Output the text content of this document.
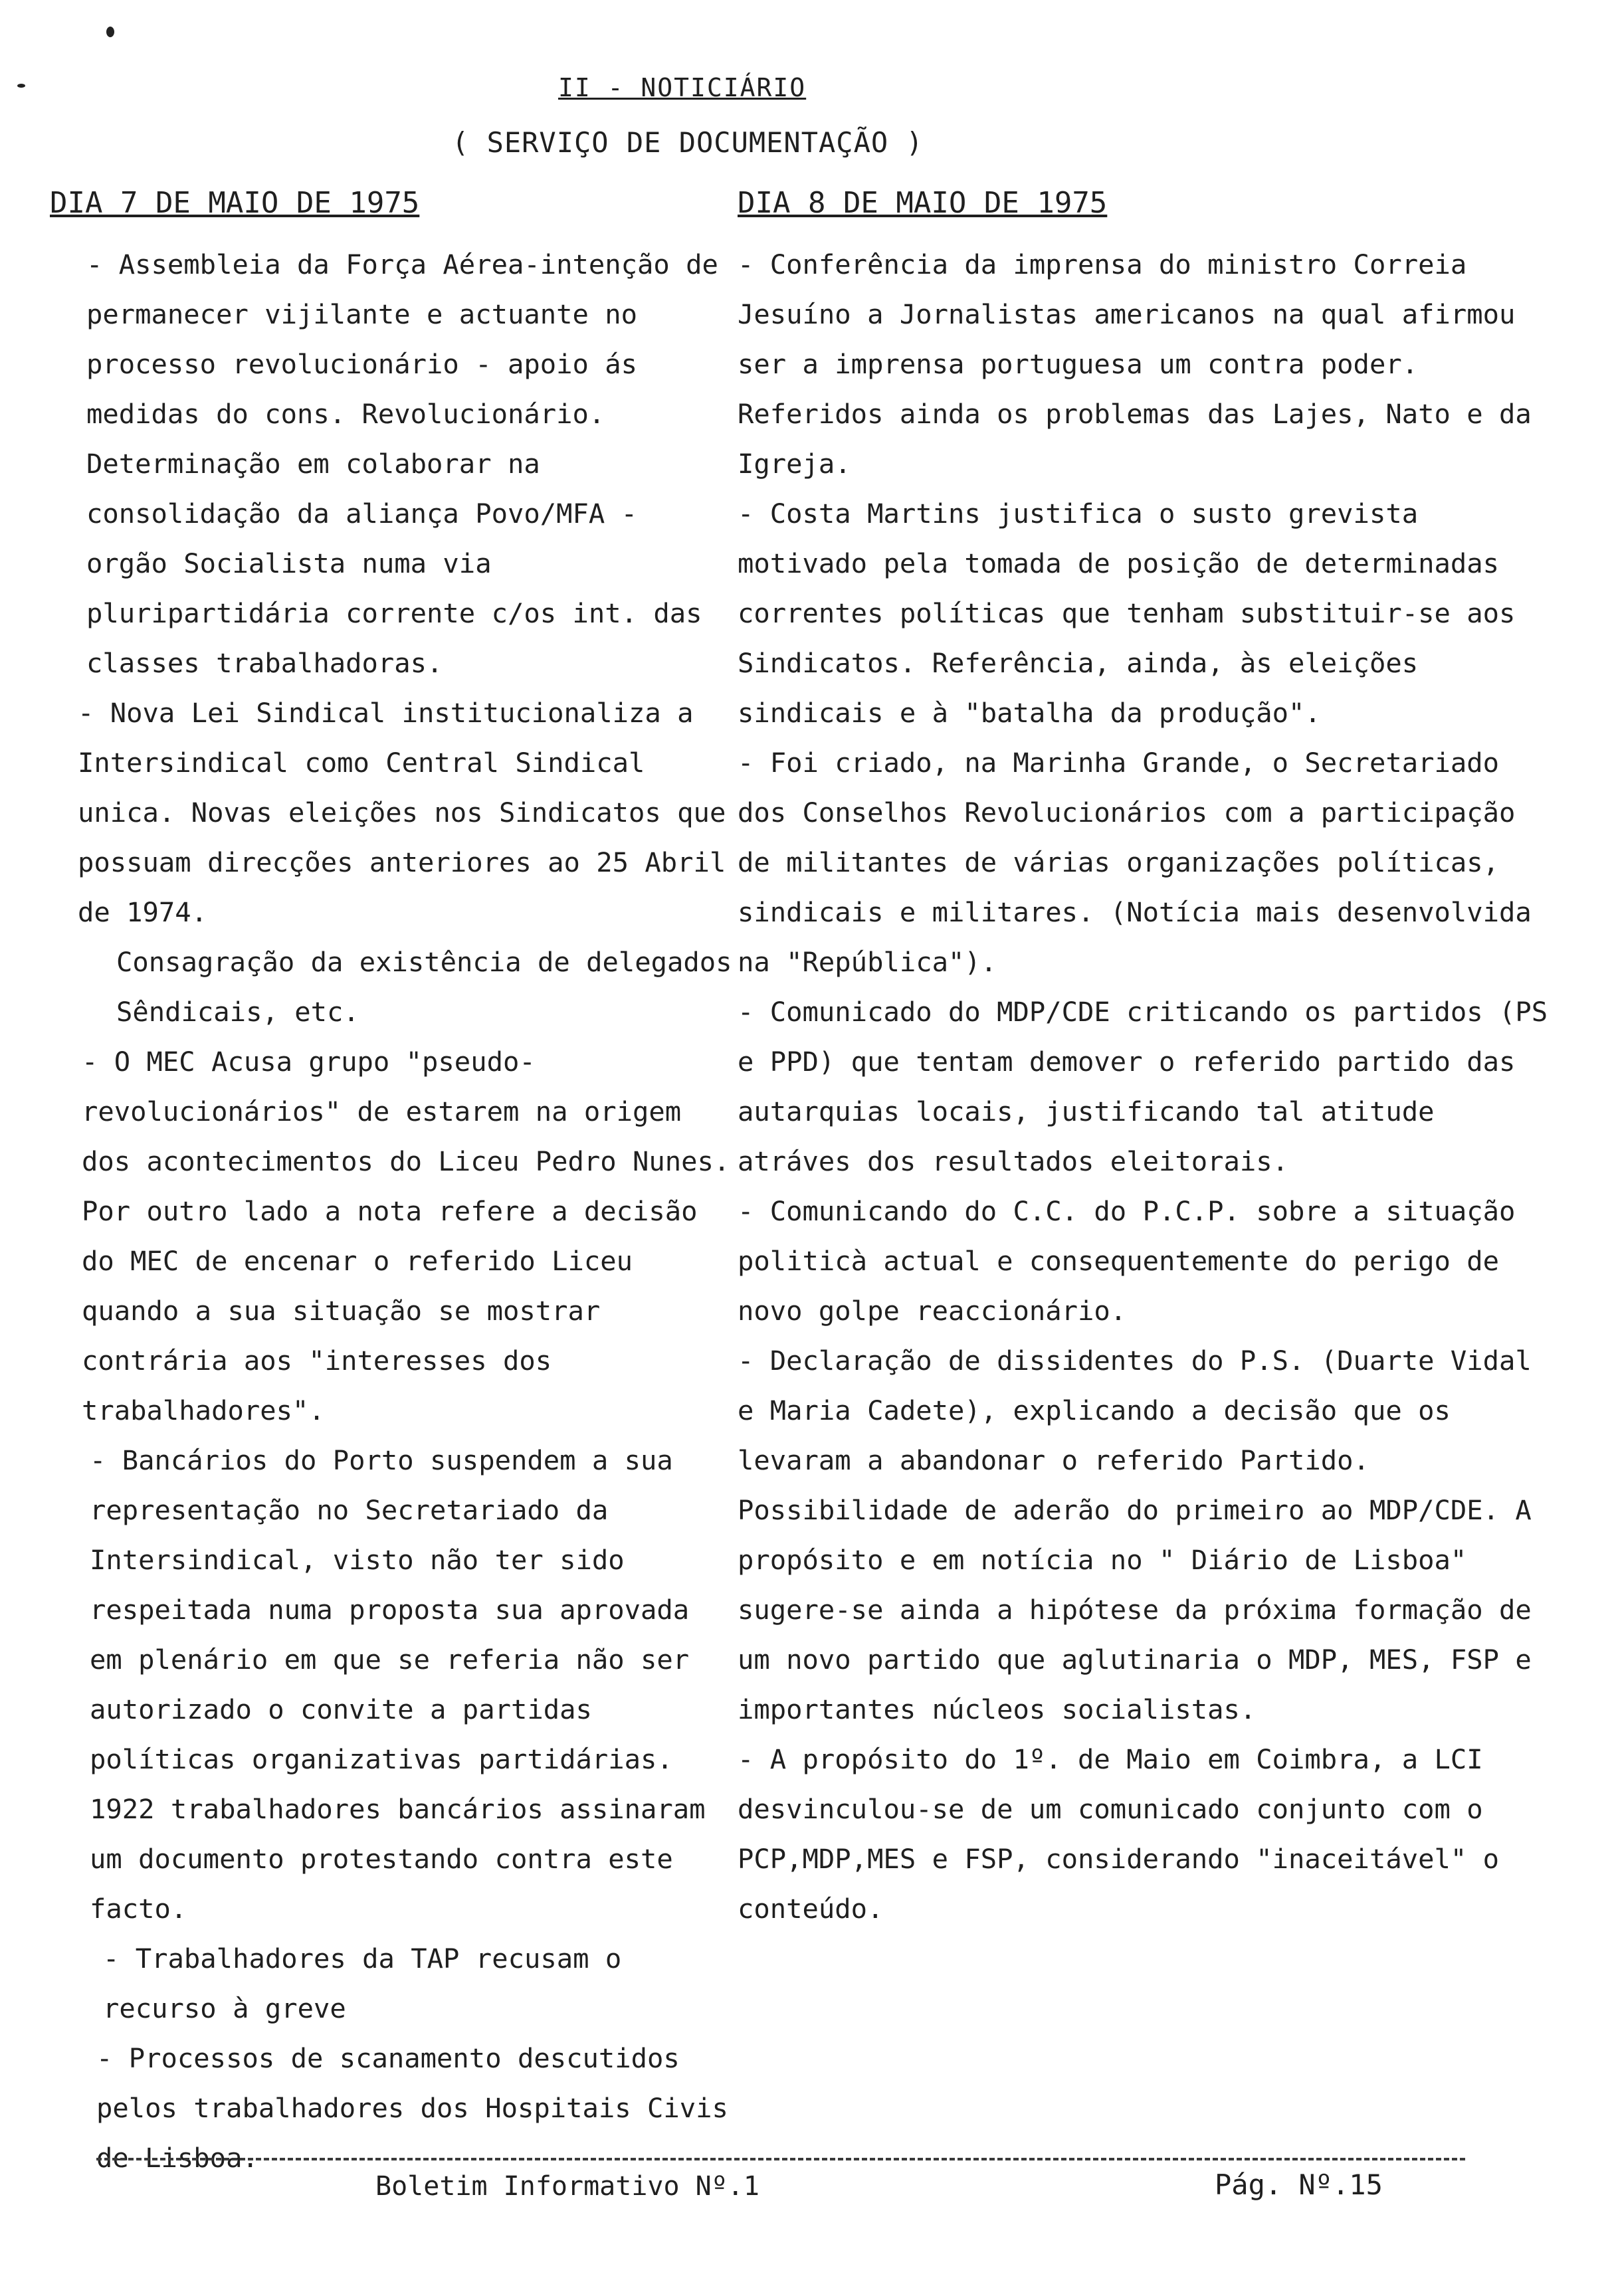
II - NOTICIÁRIO
( SERVIÇO DE DOCUMENTAÇÃO )
DIA 7 DE MAIO DE 1975

- Assembleia da Força Aérea-intenção de permanecer vijilante e actuante no processo revolucionário - apoio ás medidas do cons. Revolucionário. Determinação em colaborar na consolidação da aliança Povo/MFA - orgão Socialista numa via pluripartidária corrente c/os int. das classes trabalhadoras.

- Nova Lei Sindical institucionaliza a Intersindical como Central Sindical unica. Novas eleições nos Sindicatos que possuam direcções anteriores ao 25 Abril de 1974.

Consagração da existência de delegados Sêndicais, etc.

- O MEC Acusa grupo "pseudo-revolucionários" de estarem na origem dos acontecimentos do Liceu Pedro Nunes. Por outro lado a nota refere a decisão do MEC de encenar o referido Liceu quando a sua situação se mostrar contrária aos "interesses dos trabalhadores".

- Bancários do Porto suspendem a sua representação no Secretariado da Intersindical, visto não ter sido respeitada numa proposta sua aprovada em plenário em que se referia não ser autorizado o convite a partidas políticas organizativas partidárias. 1922 trabalhadores bancários assinaram um documento protestando contra este facto.

- Trabalhadores da TAP recusam o recurso à greve

- Processos de scanamento descutidos pelos trabalhadores dos Hospitais Civis de Lisboa.

DIA 8 DE MAIO DE 1975

- Conferência da imprensa do ministro Correia Jesuíno a Jornalistas americanos na qual afirmou ser a imprensa portuguesa um contra poder. Referidos ainda os problemas das Lajes, Nato e da Igreja.

- Costa Martins justifica o susto grevista motivado pela tomada de posição de determinadas correntes políticas que tenham substituir-se aos Sindicatos. Referência, ainda, às eleições sindicais e à "batalha da produção".

- Foi criado, na Marinha Grande, o Secretariado dos Conselhos Revolucionários com a participação de militantes de várias organizações políticas, sindicais e militares. (Notícia mais desenvolvida na "República").

- Comunicado do MDP/CDE criticando os partidos (PS e PPD) que tentam demover o referido partido das autarquias locais, justificando tal atitude atráves dos resultados eleitorais.

- Comunicando do C.C. do P.C.P. sobre a situação politicà actual e consequentemente do perigo de novo golpe reaccionário.

- Declaração de dissidentes do P.S. (Duarte Vidal e Maria Cadete), explicando a decisão que os levaram a abandonar o referido Partido. Possibilidade de aderão do primeiro ao MDP/CDE. A propósito e em notícia no " Diário de Lisboa" sugere-se ainda a hipótese da próxima formação de um novo partido que aglutinaria o MDP, MES, FSP e importantes núcleos socialistas.

- A propósito do 1º. de Maio em Coimbra, a LCI desvinculou-se de um comunicado conjunto com o PCP,MDP,MES e FSP, considerando "inaceitável" o conteúdo.

Boletim Informativo Nº.1	Pág. Nº.15
